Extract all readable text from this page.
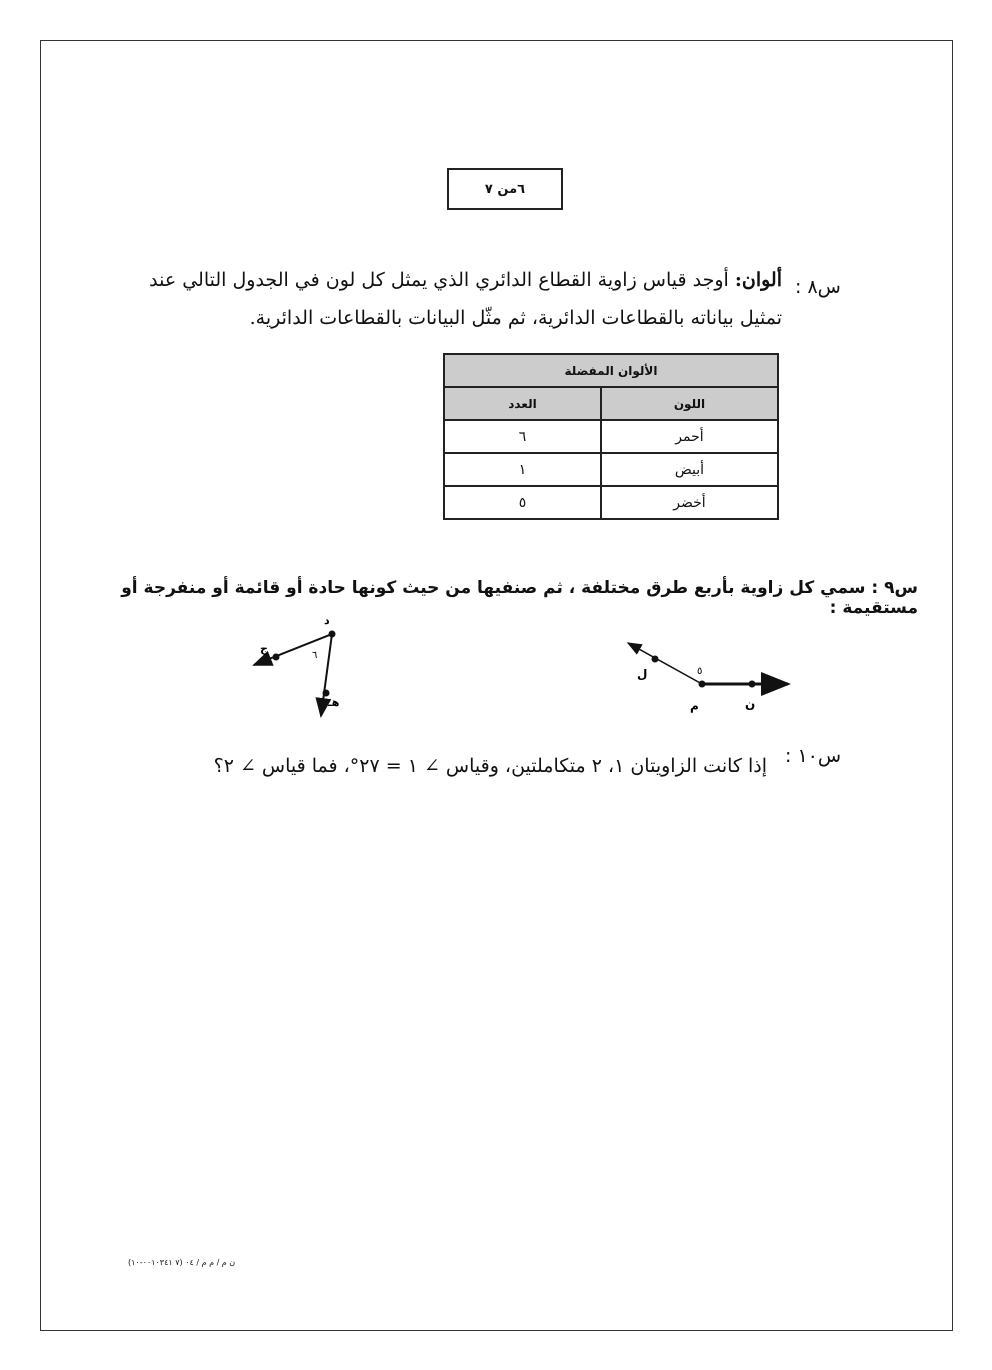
٦من ٧
س٨ :
ألوان: أوجد قياس زاوية القطاع الدائري الذي يمثل كل لون في الجدول التالي عند
تمثيل بياناته بالقطاعات الدائرية، ثم مثّل البيانات بالقطاعات الدائرية.
الألوان المفضلة	
اللون	العدد
أحمر	٦
أبيض	١
أخضر	٥
س٩ : سمي كل زاوية بأربع طرق مختلفة ، ثم صنفيها من حيث كونها حادة أو قائمة أو منفرجة أو مستقيمة :
د
ج
هـ
٦
ل	٥
م	ن
س١٠ :
إذا كانت الزاويتان ١، ٢ متكاملتين، وقياس ∠ ١ = ٢٧°، فما قياس ∠ ٢؟
ن م / م م / ٠٤ (٧ ٠٠١٠٣٤١-١٠)
